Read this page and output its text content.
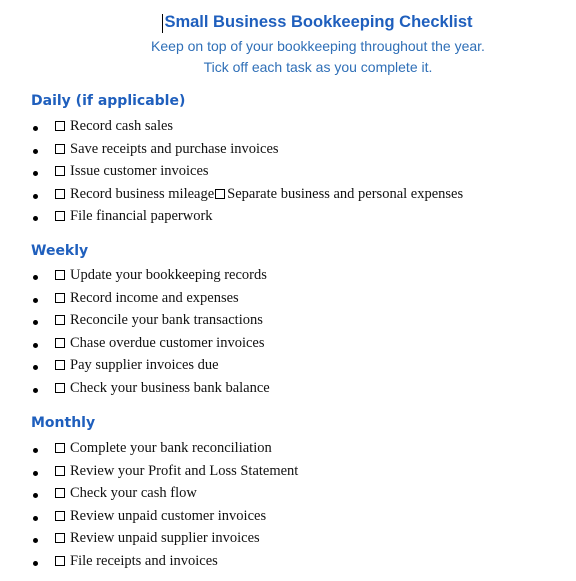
Small Business Bookkeeping Checklist
Keep on top of your bookkeeping throughout the year.
Tick off each task as you complete it.
Daily (if applicable)
Record cash sales
Save receipts and purchase invoices
Issue customer invoices
Record business mileage Separate business and personal expenses
File financial paperwork
Weekly
Update your bookkeeping records
Record income and expenses
Reconcile your bank transactions
Chase overdue customer invoices
Pay supplier invoices due
Check your business bank balance
Monthly
Complete your bank reconciliation
Review your Profit and Loss Statement
Check your cash flow
Review unpaid customer invoices
Review unpaid supplier invoices
File receipts and invoices
